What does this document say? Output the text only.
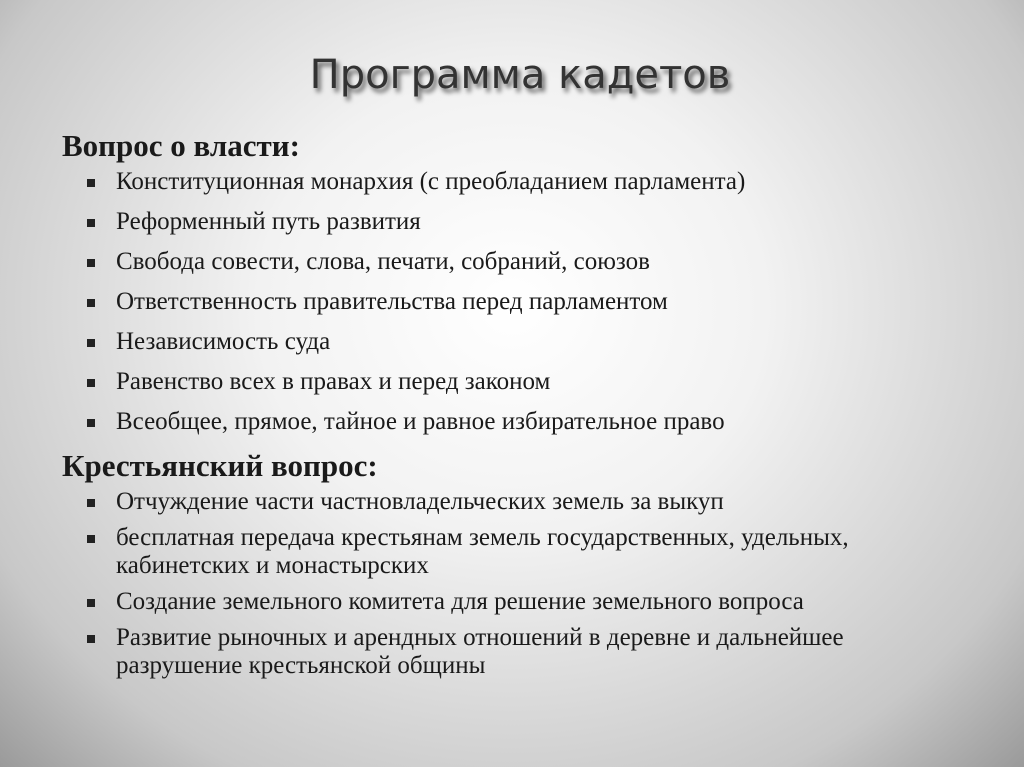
Программа кадетов
Вопрос о власти:
Конституционная монархия (с преобладанием парламента)
Реформенный путь развития
Свобода совести, слова, печати, собраний, союзов
Ответственность правительства перед парламентом
Независимость суда
Равенство всех в правах и перед законом
Всеобщее, прямое, тайное и равное избирательное право
Крестьянский вопрос:
Отчуждение части частновладельческих земель за выкуп
бесплатная передача крестьянам земель государственных, удельных, кабинетских и монастырских
Создание земельного комитета для решение земельного вопроса
Развитие рыночных и арендных отношений в деревне и дальнейшее разрушение крестьянской общины
